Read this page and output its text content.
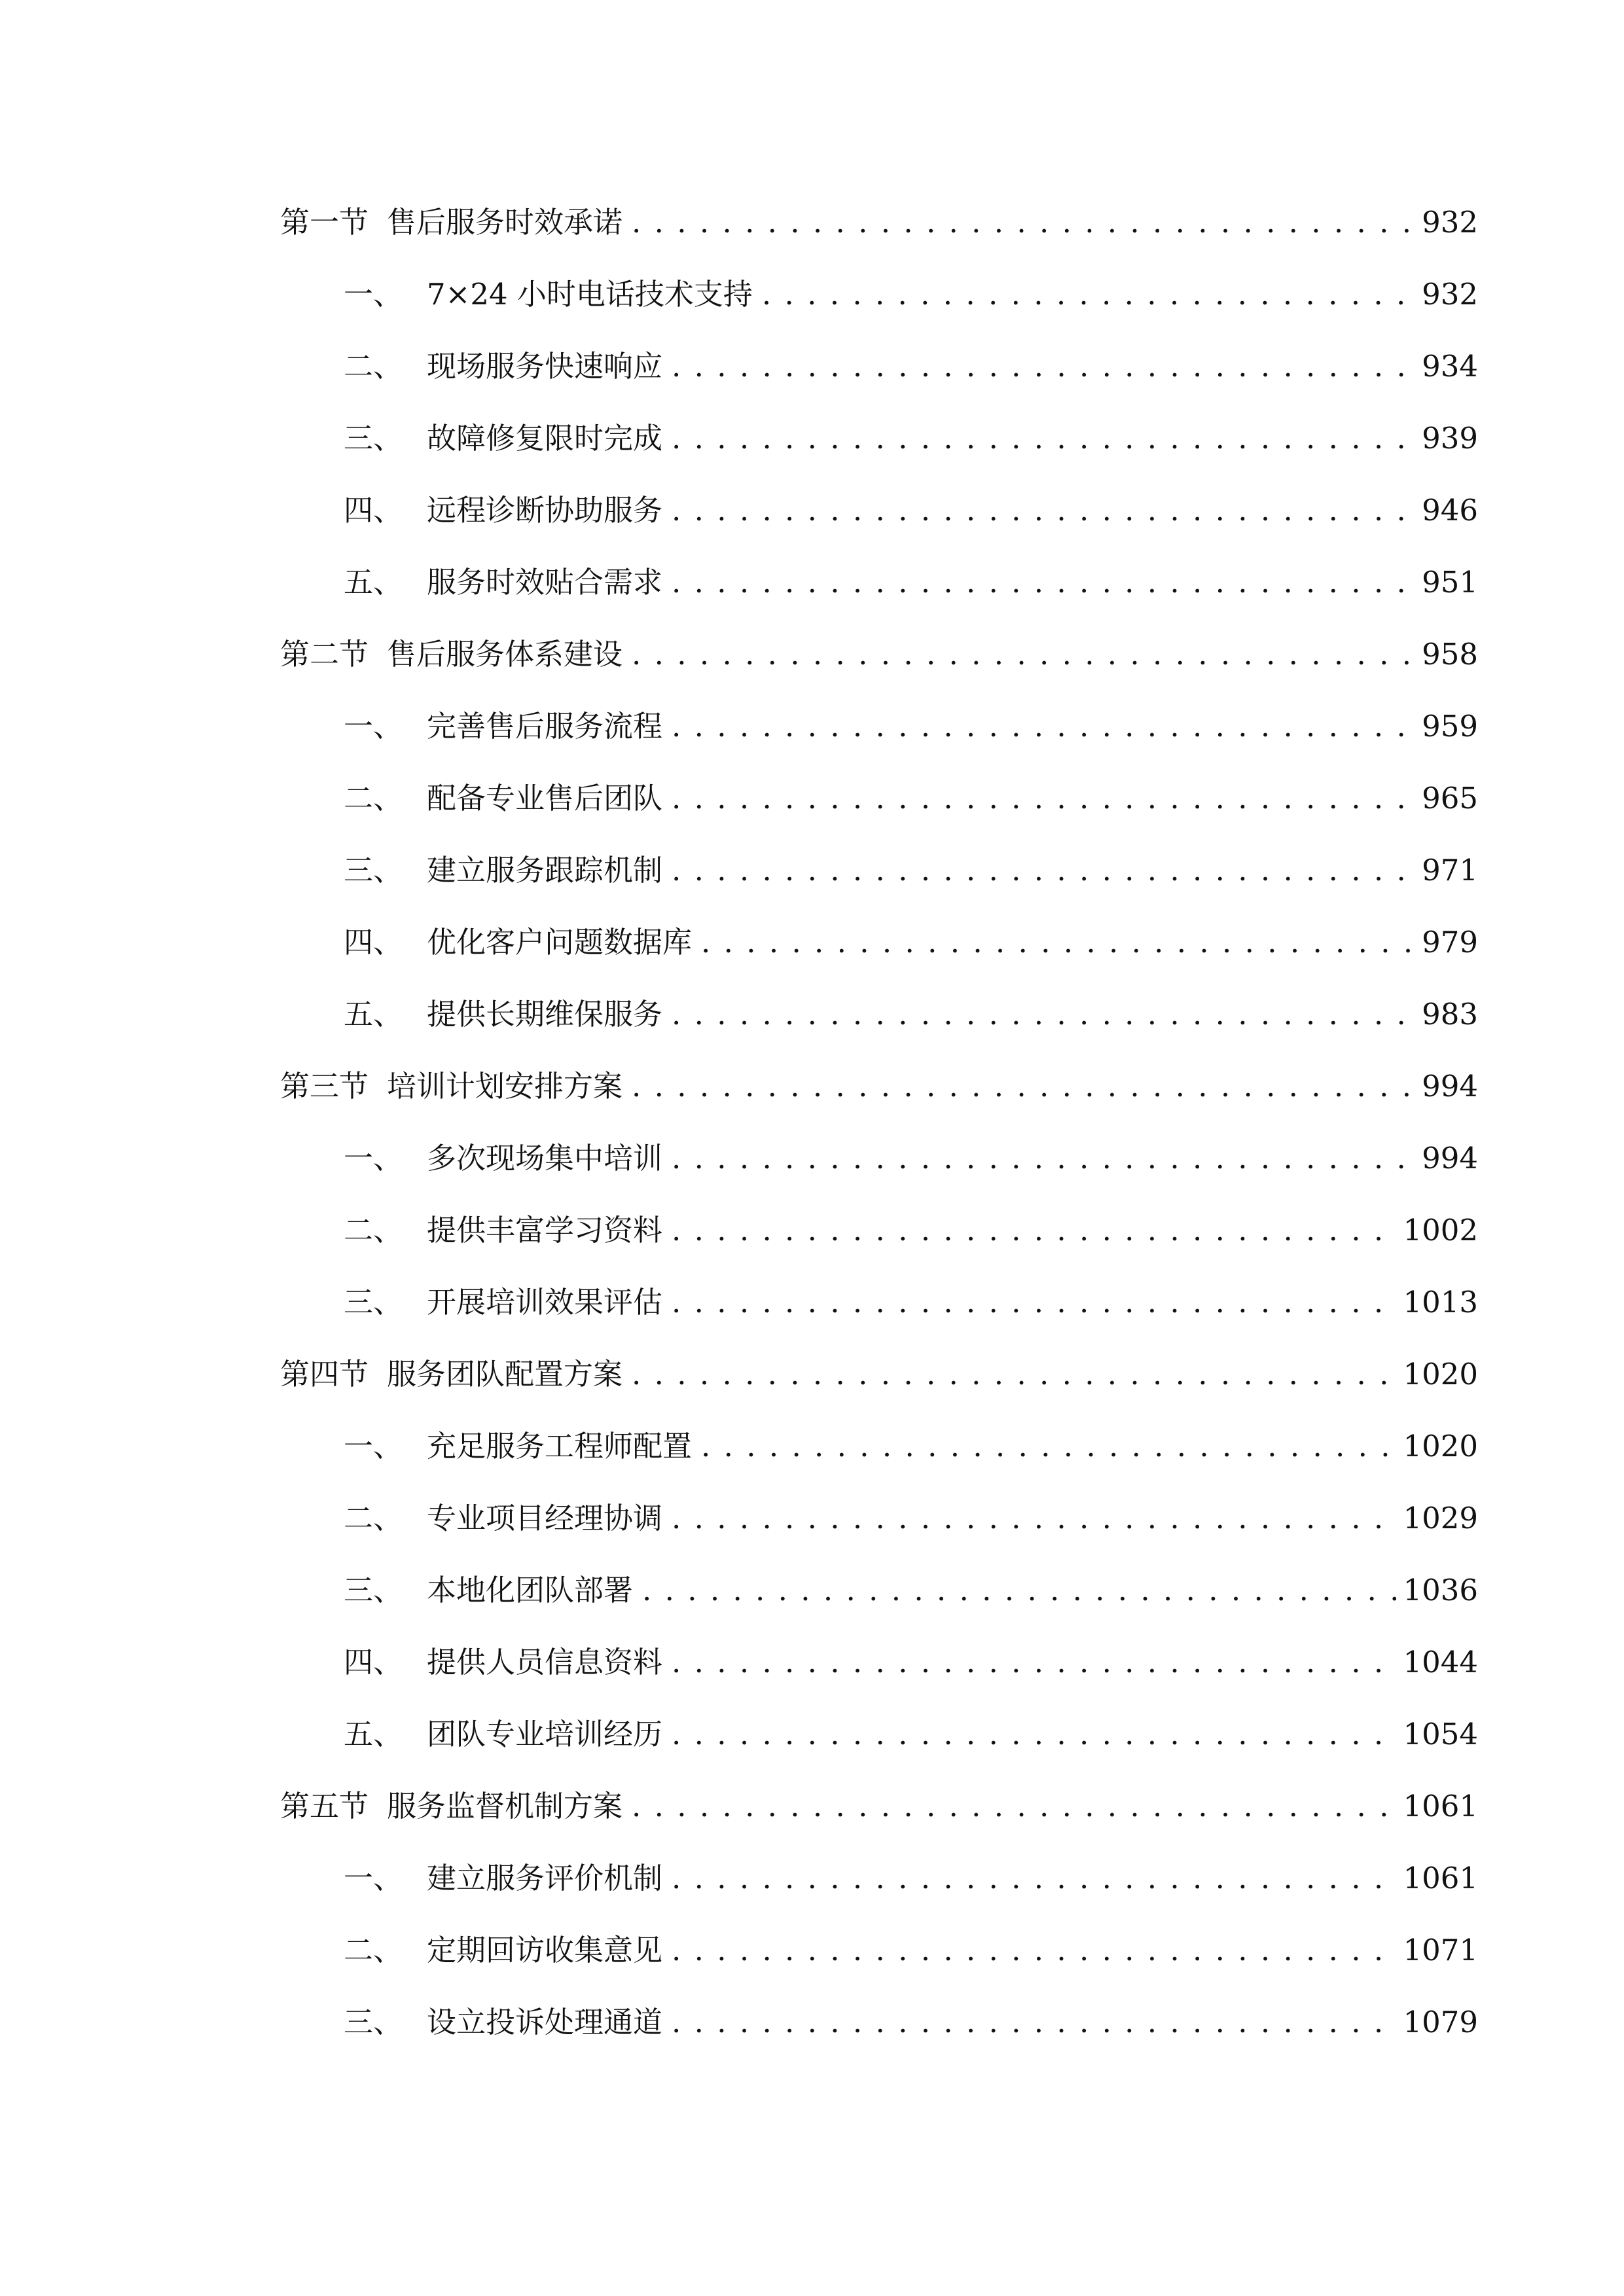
第一节 售后服务时效承诺 . . .	932
一、 7×24 小时电话技术支持 . . .	932
二、 现场服务快速响应 . . .	934
三、 故障修复限时完成 . . .	939
四、 远程诊断协助服务 . . .	946
五、 服务时效贴合需求 . . .	951
第二节 售后服务体系建设 . . .	958
一、 完善售后服务流程 . . .	959
二、 配备专业售后团队 . . .	965
三、 建立服务跟踪机制 . . .	971
四、 优化客户问题数据库 . . .	979
五、 提供长期维保服务 . . .	983
第三节 培训计划安排方案 . . .	994
一、 多次现场集中培训 . . .	994
二、 提供丰富学习资料 . . .	1002
三、 开展培训效果评估 . . .	1013
第四节 服务团队配置方案 . . .	1020
一、 充足服务工程师配置 . . .	1020
二、 专业项目经理协调 . . .	1029
三、 本地化团队部署 . . .	1036
四、 提供人员信息资料 . . .	1044
五、 团队专业培训经历 . . .	1054
第五节 服务监督机制方案 . . .	1061
一、 建立服务评价机制 . . .	1061
二、 定期回访收集意见 . . .	1071
三、 设立投诉处理通道 . . .	1079
